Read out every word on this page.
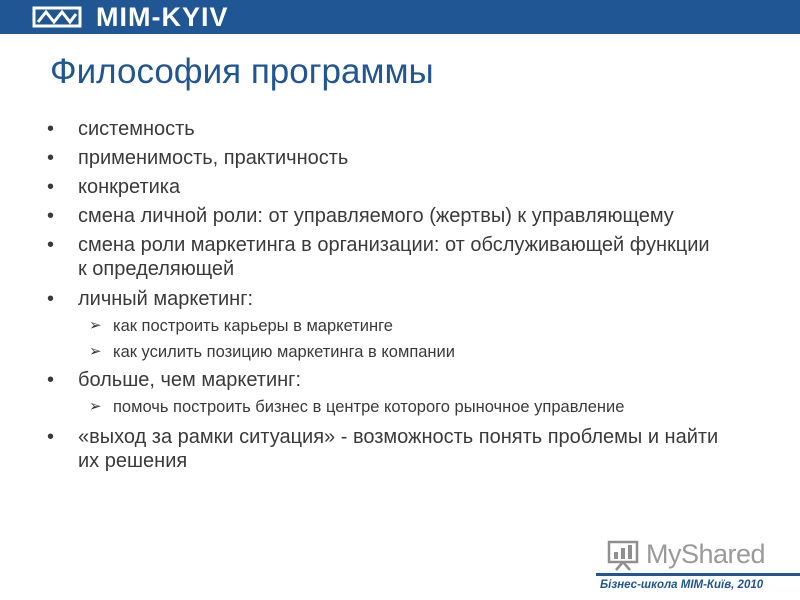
MIM-KYIV
Философия программы
• системность
• применимость, практичность
• конкретика
• смена личной роли: от управляемого (жертвы) к управляющему
• смена роли маркетинга в организации: от обслуживающей функции к определяющей
• личный маркетинг:
➢ как построить карьеры в маркетинге
➢ как усилить позицию маркетинга в компании
• больше, чем маркетинг:
➢ помочь построить бизнес в центре которого рыночное управление
• «выход за рамки ситуация» - возможность понять проблемы и найти их решения
MyShared
Бізнес-школа МІМ-Київ, 2010
